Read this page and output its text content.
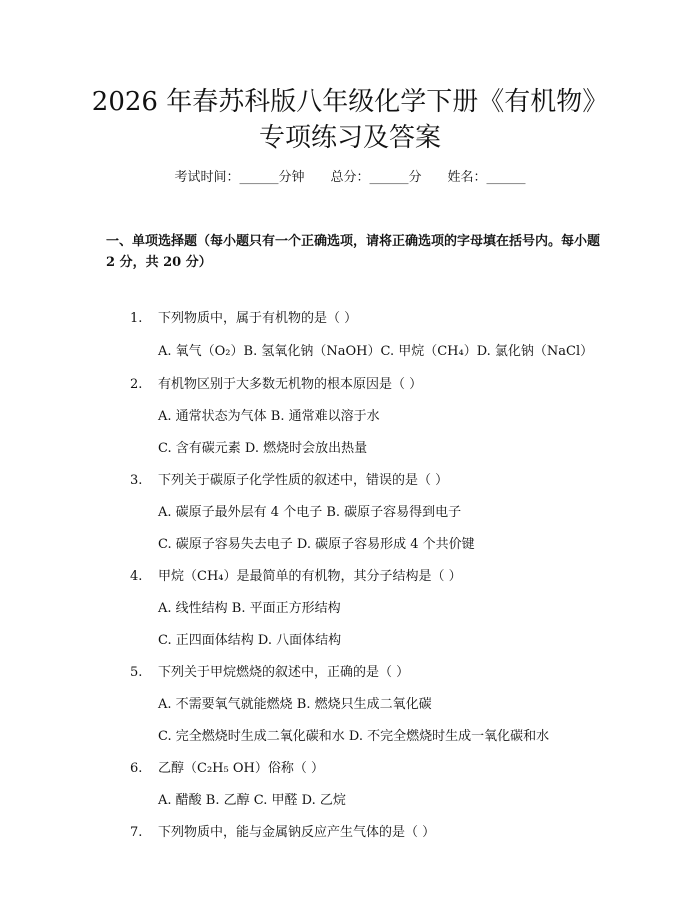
2026 年春苏科版八年级化学下册《有机物》
专项练习及答案
考试时间：______分钟 总分：______分 姓名：______
一、单项选择题（每小题只有一个正确选项，请将正确选项的字母填在括号内。每小题 2 分，共 20 分）
1. 下列物质中，属于有机物的是（ ）
A. 氧气（O₂）B. 氢氧化钠（NaOH）C. 甲烷（CH₄）D. 氯化钠（NaCl）
2. 有机物区别于大多数无机物的根本原因是（ ）
A. 通常状态为气体 B. 通常难以溶于水
C. 含有碳元素 D. 燃烧时会放出热量
3. 下列关于碳原子化学性质的叙述中，错误的是（ ）
A. 碳原子最外层有 4 个电子 B. 碳原子容易得到电子
C. 碳原子容易失去电子 D. 碳原子容易形成 4 个共价键
4. 甲烷（CH₄）是最简单的有机物，其分子结构是（ ）
A. 线性结构 B. 平面正方形结构
C. 正四面体结构 D. 八面体结构
5. 下列关于甲烷燃烧的叙述中，正确的是（ ）
A. 不需要氧气就能燃烧 B. 燃烧只生成二氧化碳
C. 完全燃烧时生成二氧化碳和水 D. 不完全燃烧时生成一氧化碳和水
6. 乙醇（C₂H₅ OH）俗称（ ）
A. 醋酸 B. 乙醇 C. 甲醛 D. 乙烷
7. 下列物质中，能与金属钠反应产生气体的是（ ）
